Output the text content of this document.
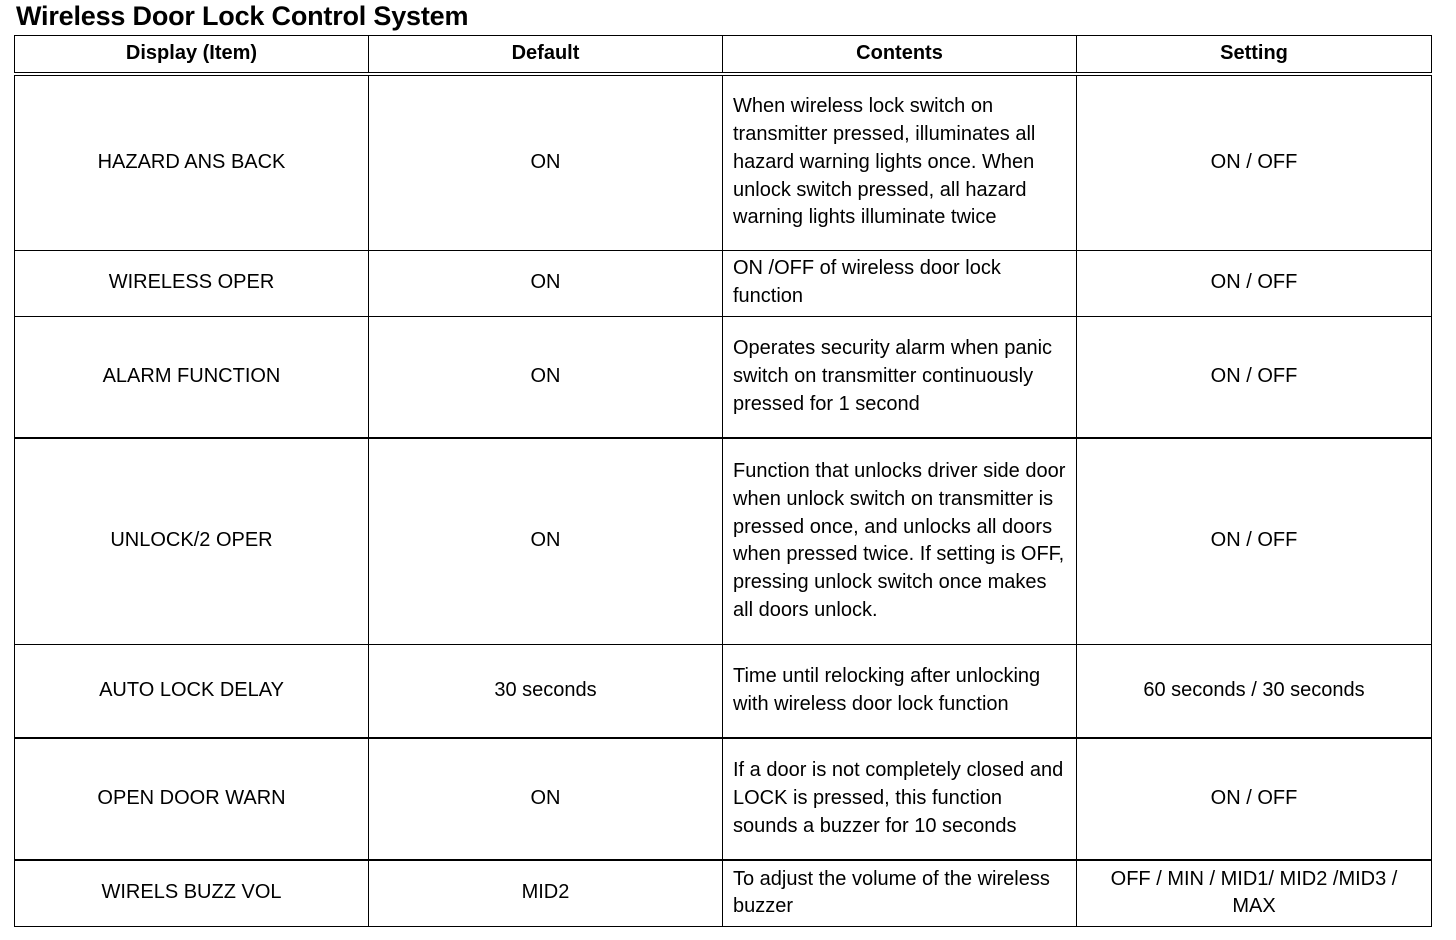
Wireless Door Lock Control System
Display (Item)	Default	Contents	Setting
HAZARD ANS BACK	ON	When wireless lock switch on transmitter pressed, illuminates all hazard warning lights once. When unlock switch pressed, all hazard warning lights illuminate twice	ON / OFF
WIRELESS OPER	ON	ON /OFF of wireless door lock function	ON / OFF
ALARM FUNCTION	ON	Operates security alarm when panic switch on transmitter continuously pressed for 1 second	ON / OFF
UNLOCK/2 OPER	ON	Function that unlocks driver side door when unlock switch on transmitter is pressed once, and unlocks all doors when pressed twice. If setting is OFF, pressing unlock switch once makes all doors unlock.	ON / OFF
AUTO LOCK DELAY	30 seconds	Time until relocking after unlocking with wireless door lock function	60 seconds / 30 seconds
OPEN DOOR WARN	ON	If a door is not completely closed and LOCK is pressed, this function sounds a buzzer for 10 seconds	ON / OFF
WIRELS BUZZ VOL	MID2	To adjust the volume of the wireless buzzer	OFF / MIN / MID1/ MID2 /MID3 / MAX
